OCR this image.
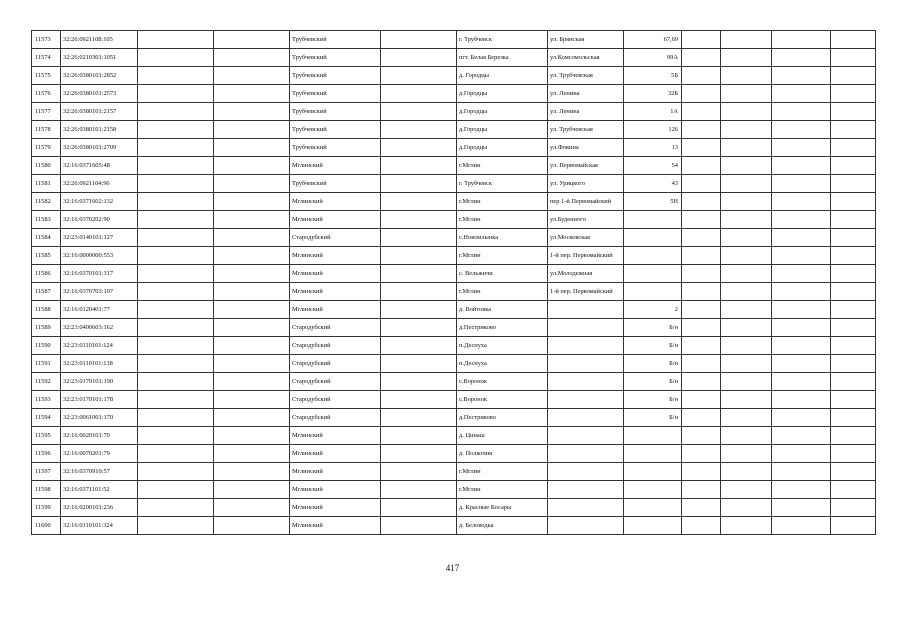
11573	32:26:0921108:105			Трубчевский		г. Трубчевск	ул. Брянская	67,69				
11574	32:26:0210301:1051			Трубчевский		пгт. Белая Березка	ул.Комсомольская	99А				
11575	32:26:0380101:2852			Трубчевский		д. Городцы	ул. Трубчевская	5Б				
11576	32:26:0380101:2573			Трубчевский		д.Городцы	ул. Ленина	32Б				
11577	32:26:0380101:2157			Трубчевский		д.Городцы	ул. Ленина	1А				
11578	32:26:0380101:2158			Трубчевский		д.Городцы	ул. Трубчевская	126				
11579	32:26:0380101:2709			Трубчевский		д.Городцы	ул.Фокина	13				
11580	32:16:0371605:48			Мглинский		г.Мглин	ул. Первомайская	54				
11581	32:26:0921104:96			Трубчевский		г. Трубчевск	ул. Урицкого	43				
11582	32:16:0371602:132			Мглинский		г.Мглин	пер 1-й Первомайский	5Н				
11583	32:16:0370202:90			Мглинский		г.Мглин	ул.Буденного					
11584	32:23:0140101:127			Стародубский		с.Новомлынка	ул.Московская					
11585	32:16:0000000:553			Мглинский		г.Мглин	1-й пер. Первомайский					
11586	32:16:0370101:317			Мглинский		с. Вельжичи	ул.Молодежная					
11587	32:16:0370703:107			Мглинский		г.Мглин	1-й пер. Первомайский					
11588	32:16:0120401:77			Мглинский		д. Войтовка		2				
11589	32:23:0400603:162			Стародубский		д.Пестриково		Б/н				
11590	32:23:0110101:124			Стародубский		п.Деснуха		Б/н				
11591	32:23:0110101:138			Стародубский		п.Деснуха		Б/н				
11592	32:23:0170101:190			Стародубский		с.Воронок		Б/н				
11593	32:23:0170101:178			Стародубский		с.Воронок		Б/н				
11594	32:23:0061001:170			Стародубский		д.Пестриково		Б/н				
11595	32:16:0020101:70			Мглинский		д. Цинаш						
11596	32:16:0070201:79			Мглинский		д. Полкопня						
11597	32:16:0370910:57			Мглинский		г.Мглин						
11598	32:16:0371101:52			Мглинский		г.Мглин						
11599	32:16:0200101:236			Мглинский		д. Красные Косары						
11600	32:16:0110101:324			Мглинский		д. Беловодка						
417
